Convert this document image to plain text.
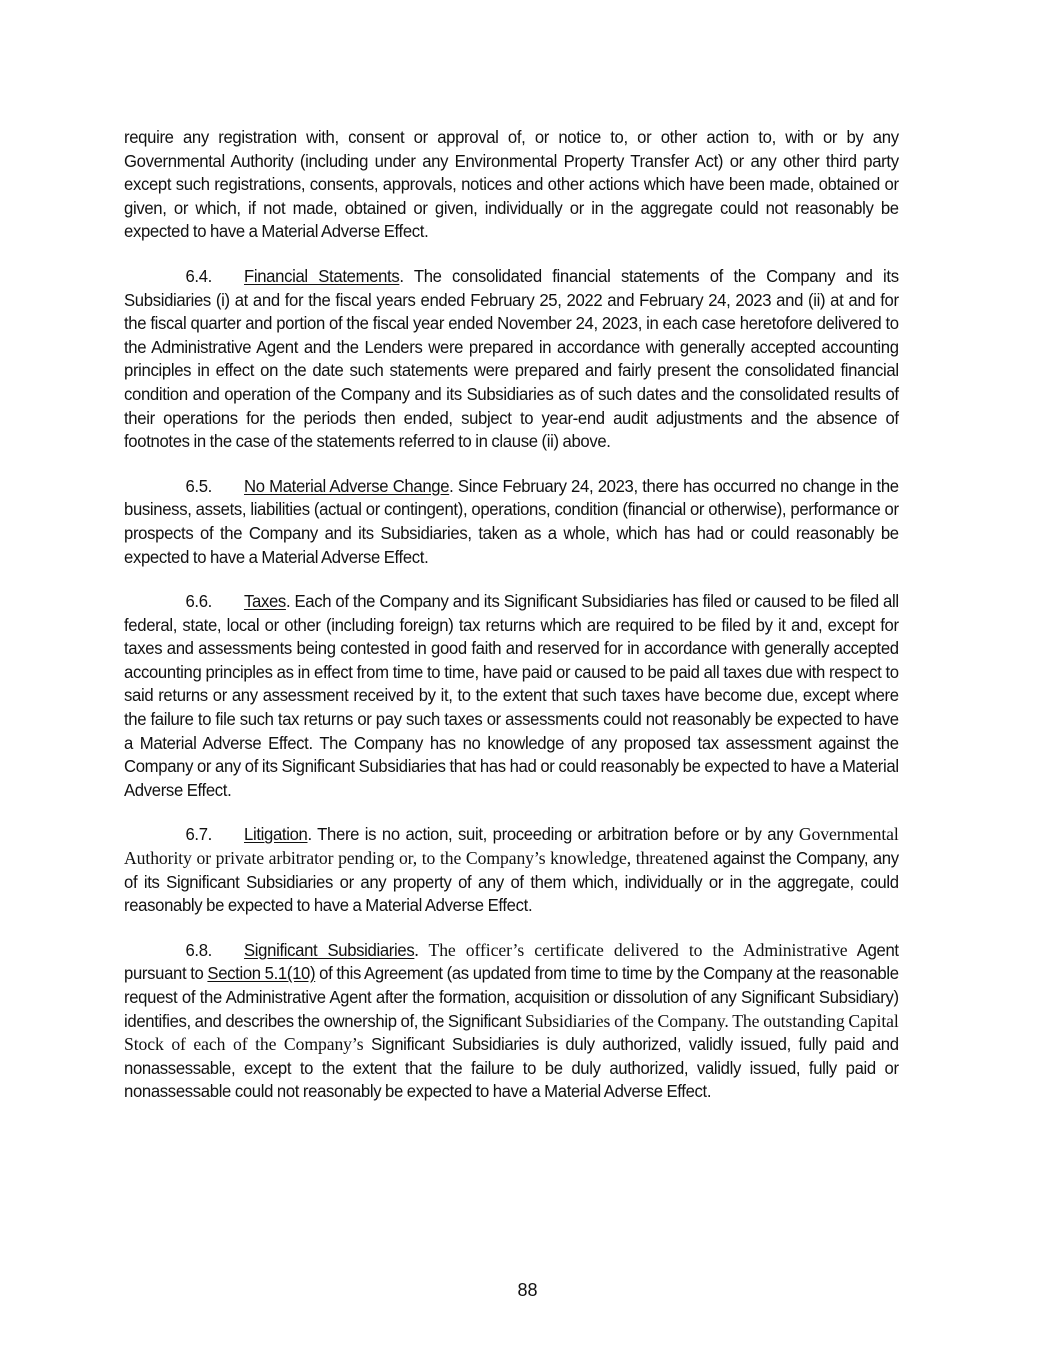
require any registration with, consent or approval of, or notice to, or other action to, with or by any Governmental Authority (including under any Environmental Property Transfer Act) or any other third party except such registrations, consents, approvals, notices and other actions which have been made, obtained or given, or which, if not made, obtained or given, individually or in the aggregate could not reasonably be expected to have a Material Adverse Effect.

6.4. Financial Statements. The consolidated financial statements of the Company and its Subsidiaries (i) at and for the fiscal years ended February 25, 2022 and February 24, 2023 and (ii) at and for the fiscal quarter and portion of the fiscal year ended November 24, 2023, in each case heretofore delivered to the Administrative Agent and the Lenders were prepared in accordance with generally accepted accounting principles in effect on the date such statements were prepared and fairly present the consolidated financial condition and operation of the Company and its Subsidiaries as of such dates and the consolidated results of their operations for the periods then ended, subject to year-end audit adjustments and the absence of footnotes in the case of the statements referred to in clause (ii) above.

6.5. No Material Adverse Change. Since February 24, 2023, there has occurred no change in the business, assets, liabilities (actual or contingent), operations, condition (financial or otherwise), performance or prospects of the Company and its Subsidiaries, taken as a whole, which has had or could reasonably be expected to have a Material Adverse Effect.

6.6. Taxes. Each of the Company and its Significant Subsidiaries has filed or caused to be filed all federal, state, local or other (including foreign) tax returns which are required to be filed by it and, except for taxes and assessments being contested in good faith and reserved for in accordance with generally accepted accounting principles as in effect from time to time, have paid or caused to be paid all taxes due with respect to said returns or any assessment received by it, to the extent that such taxes have become due, except where the failure to file such tax returns or pay such taxes or assessments could not reasonably be expected to have a Material Adverse Effect. The Company has no knowledge of any proposed tax assessment against the Company or any of its Significant Subsidiaries that has had or could reasonably be expected to have a Material Adverse Effect.

6.7. Litigation. There is no action, suit, proceeding or arbitration before or by any Governmental Authority or private arbitrator pending or, to the Company’s knowledge, threatened against the Company, any of its Significant Subsidiaries or any property of any of them which, individually or in the aggregate, could reasonably be expected to have a Material Adverse Effect.

6.8. Significant Subsidiaries. The officer’s certificate delivered to the Administrative Agent pursuant to Section 5.1(10) of this Agreement (as updated from time to time by the Company at the reasonable request of the Administrative Agent after the formation, acquisition or dissolution of any Significant Subsidiary) identifies, and describes the ownership of, the Significant Subsidiaries of the Company. The outstanding Capital Stock of each of the Company’s Significant Subsidiaries is duly authorized, validly issued, fully paid and nonassessable, except to the extent that the failure to be duly authorized, validly issued, fully paid or nonassessable could not reasonably be expected to have a Material Adverse Effect.

88
